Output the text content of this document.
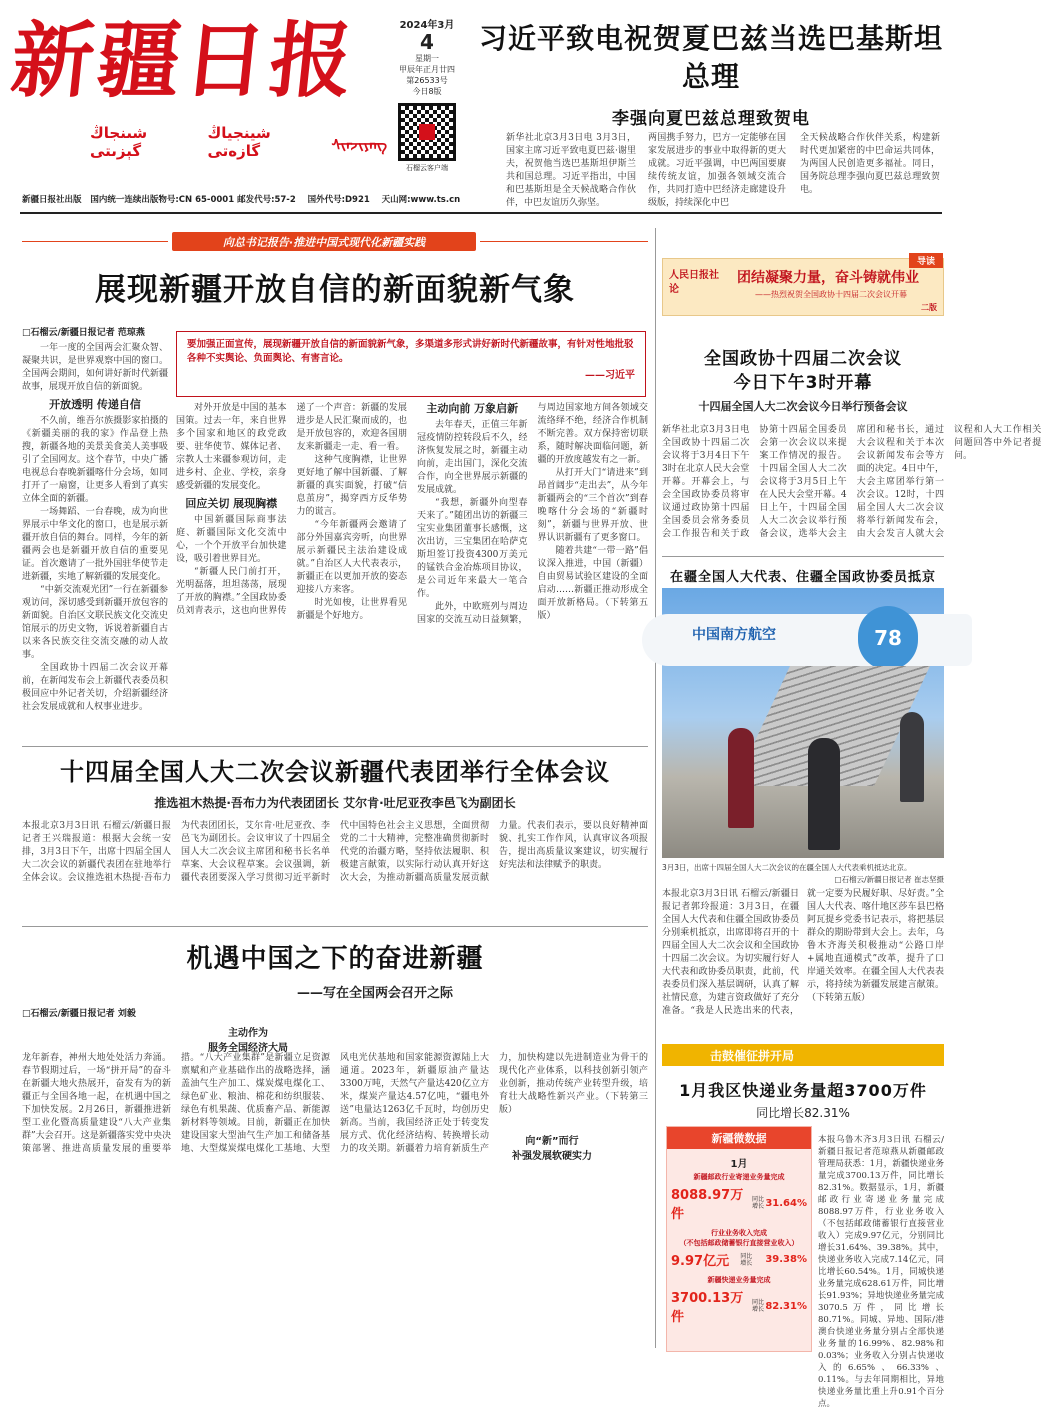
新疆日报
شىنجاڭ گېزىتى
شينجياڭ گازەتى	ᠰᠢᠨᠵᠢᠶᠠᠩ
2024年3月
4
星期一
甲辰年正月廿四
第26533号
今日8版
石榴云客户端
习近平致电祝贺夏巴兹当选巴基斯坦总理
李强向夏巴兹总理致贺电
新华社北京3月3日电 3月3日，国家主席习近平致电夏巴兹·谢里夫，祝贺他当选巴基斯坦伊斯兰共和国总理。习近平指出，中国和巴基斯坦是全天候战略合作伙伴，中巴友谊历久弥坚。
两国携手努力，巴方一定能够在国家发展进步的事业中取得新的更大成就。习近平强调，中巴两国要赓续传统友谊，加强各领域交流合作，共同打造中巴经济走廊建设升级版，持续深化中巴
全天候战略合作伙伴关系，构建新时代更加紧密的中巴命运共同体，为两国人民创造更多福祉。同日，国务院总理李强向夏巴兹总理致贺电。
新疆日报社出版   国内统一连续出版物号:CN 65-0001 邮发代号:57-2    国外代号:D921    天山网:www.ts.cn
向总书记报告·推进中国式现代化新疆实践
展现新疆开放自信的新面貌新气象
□石榴云/新疆日报记者 范琼燕
要加强正面宣传，展现新疆开放自信的新面貌新气象，多渠道多形式讲好新时代新疆故事，有针对性地批驳各种不实舆论、负面舆论、有害言论。
——习近平

一年一度的全国两会汇聚众智、凝聚共识，是世界观察中国的窗口。全国两会期间，如何讲好新时代新疆故事，展现开放自信的新面貌。

开放透明 传递自信

不久前，维吾尔族摄影家拍摄的《新疆美丽的我的家》作品登上热搜，新疆各地的美景美食美人美事吸引了全国网友。这个春节，中央广播电视总台春晚新疆喀什分会场，如同打开了一扇窗，让更多人看到了真实立体全面的新疆。

一场舞蹈、一台春晚，成为向世界展示中华文化的窗口，也是展示新疆开放自信的舞台。同样，今年的新疆两会也是新疆开放自信的重要见证。首次邀请了一批外国驻华使节走进新疆，实地了解新疆的发展变化。

“中新交流观光团”一行在新疆参观访问，深切感受到新疆开放包容的新面貌。自治区文联民族文化交流史馆展示的历史文物，诉说着新疆自古以来各民族交往交流交融的动人故事。

全国政协十四届二次会议开幕前，在新闻发布会上新疆代表委员积极回应中外记者关切，介绍新疆经济社会发展成就和人权事业进步。

对外开放是中国的基本国策。过去一年，来自世界多个国家和地区的政党政要、驻华使节、媒体记者、宗教人士来疆参观访问，走进乡村、企业、学校，亲身感受新疆的发展变化。

回应关切 展现胸襟

中国新疆国际商事法庭、新疆国际文化交流中心，一个个开放平台加快建设，吸引着世界目光。

“新疆人民门前打开，光明磊落，坦坦荡荡，展现了开放的胸襟。”全国政协委员刘青表示，这也向世界传递了一个声音：新疆的发展进步是人民汇聚而成的，也是开放包容的，欢迎各国朋友来新疆走一走、看一看。

这种气度胸襟，让世界更好地了解中国新疆、了解新疆的真实面貌，打破“信息茧房”，揭穿西方反华势力的谎言。

“今年新疆两会邀请了部分外国嘉宾旁听，向世界展示新疆民主法治建设成就。”自治区人大代表表示，新疆正在以更加开放的姿态迎接八方来客。

时光如梭，让世界看见新疆是个好地方。

主动向前 万象启新

去年春天，正值三年新冠疫情防控转段后不久，经济恢复发展之时，新疆主动向前，走出国门，深化交流合作，向全世界展示新疆的发展成就。

“我想，新疆外向型春天来了。”随团出访的新疆三宝实业集团董事长感慨，这次出访，三宝集团在哈萨克斯坦签订投资4300万美元的锰铁合金冶炼项目协议，是公司近年来最大一笔合作。

此外，中欧班列与周边国家的交流互动日益频繁，与周边国家地方间各领域交流络绎不绝，经济合作机制不断完善。双方保持密切联系，随时解决面临问题，新疆的开放度越发有之一新。

从打开大门“请进来”到昂首阔步“走出去”，从今年新疆两会的“三个首次”到春晚喀什分会场的“新疆时刻”，新疆与世界开放、世界认识新疆有了更多窗口。

随着共建“一带一路”倡议深入推进，中国（新疆）自由贸易试验区建设的全面启动……新疆正推动形成全面开放新格局。（下转第五版）

导读
人民日报社论
团结凝聚力量，奋斗铸就伟业
——热烈祝贺全国政协十四届二次会议开幕
二版
全国政协十四届二次会议
今日下午3时开幕
十四届全国人大二次会议今日举行预备会议
新华社北京3月3日电 全国政协十四届二次会议将于3月4日下午3时在北京人民大会堂开幕。开幕会上，与会全国政协委员将审议通过政协第十四届全国委员会常务委员会工作报告和关于政协第十四届全国委员会第一次会议以来提案工作情况的报告。十四届全国人大二次会议将于3月5日上午在人民大会堂开幕。4日上午，十四届全国人大二次会议举行预备会议，选举大会主席团和秘书长，通过大会议程和关于本次会议新闻发布会等方面的决定。4日中午，大会主席团举行第一次会议。12时，十四届全国人大二次会议将举行新闻发布会，由大会发言人就大会议程和人大工作相关问题回答中外记者提问。
在疆全国人大代表、住疆全国政协委员抵京
中国南方航空	78
3月3日，出席十四届全国人大二次会议的在疆全国人大代表乘机抵达北京。
□石榴云/新疆日报记者 崔志坚摄
本报北京3月3日讯 石榴云/新疆日报记者郭玲报道：3月3日，在疆全国人大代表和住疆全国政协委员分别乘机抵京，出席即将召开的十四届全国人大二次会议和全国政协十四届二次会议。为切实履行好人大代表和政协委员职责，此前，代表委员们深入基层调研，认真了解社情民意，为建言资政做好了充分准备。“我是人民选出来的代表，就一定要为民履好职、尽好责。”全国人大代表、喀什地区莎车县巴格阿瓦提乡党委书记表示，将把基层群众的期盼带到大会上。去年，乌鲁木齐海关积极推动“公路口岸+属地直通模式”改革，提升了口岸通关效率。在疆全国人大代表表示，将持续为新疆发展建言献策。（下转第五版）
十四届全国人大二次会议新疆代表团举行全体会议
推选祖木热提·吾布力为代表团团长 艾尔肯·吐尼亚孜李邑飞为副团长
本报北京3月3日讯 石榴云/新疆日报记者王兴瑞报道：根据大会统一安排，3月3日下午，出席十四届全国人大二次会议的新疆代表团在驻地举行全体会议。会议推选祖木热提·吾布力为代表团团长，艾尔肯·吐尼亚孜、李邑飞为副团长。会议审议了十四届全国人大二次会议主席团和秘书长名单草案、大会议程草案。会议强调，新疆代表团要深入学习贯彻习近平新时代中国特色社会主义思想，全面贯彻党的二十大精神，完整准确贯彻新时代党的治疆方略，坚持依法履职、积极建言献策，以实际行动认真开好这次大会，为推动新疆高质量发展贡献力量。代表们表示，要以良好精神面貌、扎实工作作风，认真审议各项报告，提出高质量议案建议，切实履行好宪法和法律赋予的职责。
机遇中国之下的奋进新疆
——写在全国两会召开之际
□石榴云/新疆日报记者 刘毅
主动作为
服务全国经济大局
向“新”而行
补强发展软硬实力
龙年新春，神州大地处处活力奔涌。春节假期过后，一场“拼开局”的奋斗在新疆大地火热展开，奋发有为的新疆正与全国各地一起，在机遇中国之下加快发展。2月26日，新疆推进新型工业化暨高质量建设“八大产业集群”大会召开。这是新疆落实党中央决策部署、推进高质量发展的重要举措。“八大产业集群”是新疆立足资源禀赋和产业基础作出的战略选择，涵盖油气生产加工、煤炭煤电煤化工、绿色矿业、粮油、棉花和纺织服装、绿色有机果蔬、优质畜产品、新能源新材料等领域。目前，新疆正在加快建设国家大型油气生产加工和储备基地、大型煤炭煤电煤化工基地、大型风电光伏基地和国家能源资源陆上大通道。2023年，新疆原油产量达3300万吨，天然气产量达420亿立方米，煤炭产量达4.57亿吨，“疆电外送”电量达1263亿千瓦时，均创历史新高。当前，我国经济正处于转变发展方式、优化经济结构、转换增长动力的攻关期。新疆着力培育新质生产力，加快构建以先进制造业为骨干的现代化产业体系，以科技创新引领产业创新，推动传统产业转型升级，培育壮大战略性新兴产业。（下转第三版）
击鼓催征拼开局
1月我区快递业务量超3700万件
同比增长82.31%
新疆微数据
1月
新疆邮政行业寄递业务量完成
8088.97万件
同比增长 31.64%
行业业务收入完成
（不包括邮政储蓄银行直接营业收入）
9.97亿元 同比增长 39.38%
新疆快递业务量完成
3700.13万件
同比增长 82.31%
本报乌鲁木齐3月3日讯 石榴云/新疆日报记者范琼燕从新疆邮政管理局获悉：1月，新疆快递业务量完成3700.13万件，同比增长82.31%。数据显示，1月，新疆邮政行业寄递业务量完成8088.97万件，行业业务收入（不包括邮政储蓄银行直接营业收入）完成9.97亿元，分别同比增长31.64%、39.38%。其中，快递业务收入完成7.14亿元，同比增长60.54%。1月，同城快递业务量完成628.61万件，同比增长91.93%；异地快递业务量完成3070.5万件，同比增长80.71%。同城、异地、国际/港澳台快递业务量分别占全部快递业务量的16.99%、82.98%和0.03%；业务收入分别占快递收入的6.65%、66.33%、0.11%。与去年同期相比，异地快递业务量比重上升0.91个百分点。
